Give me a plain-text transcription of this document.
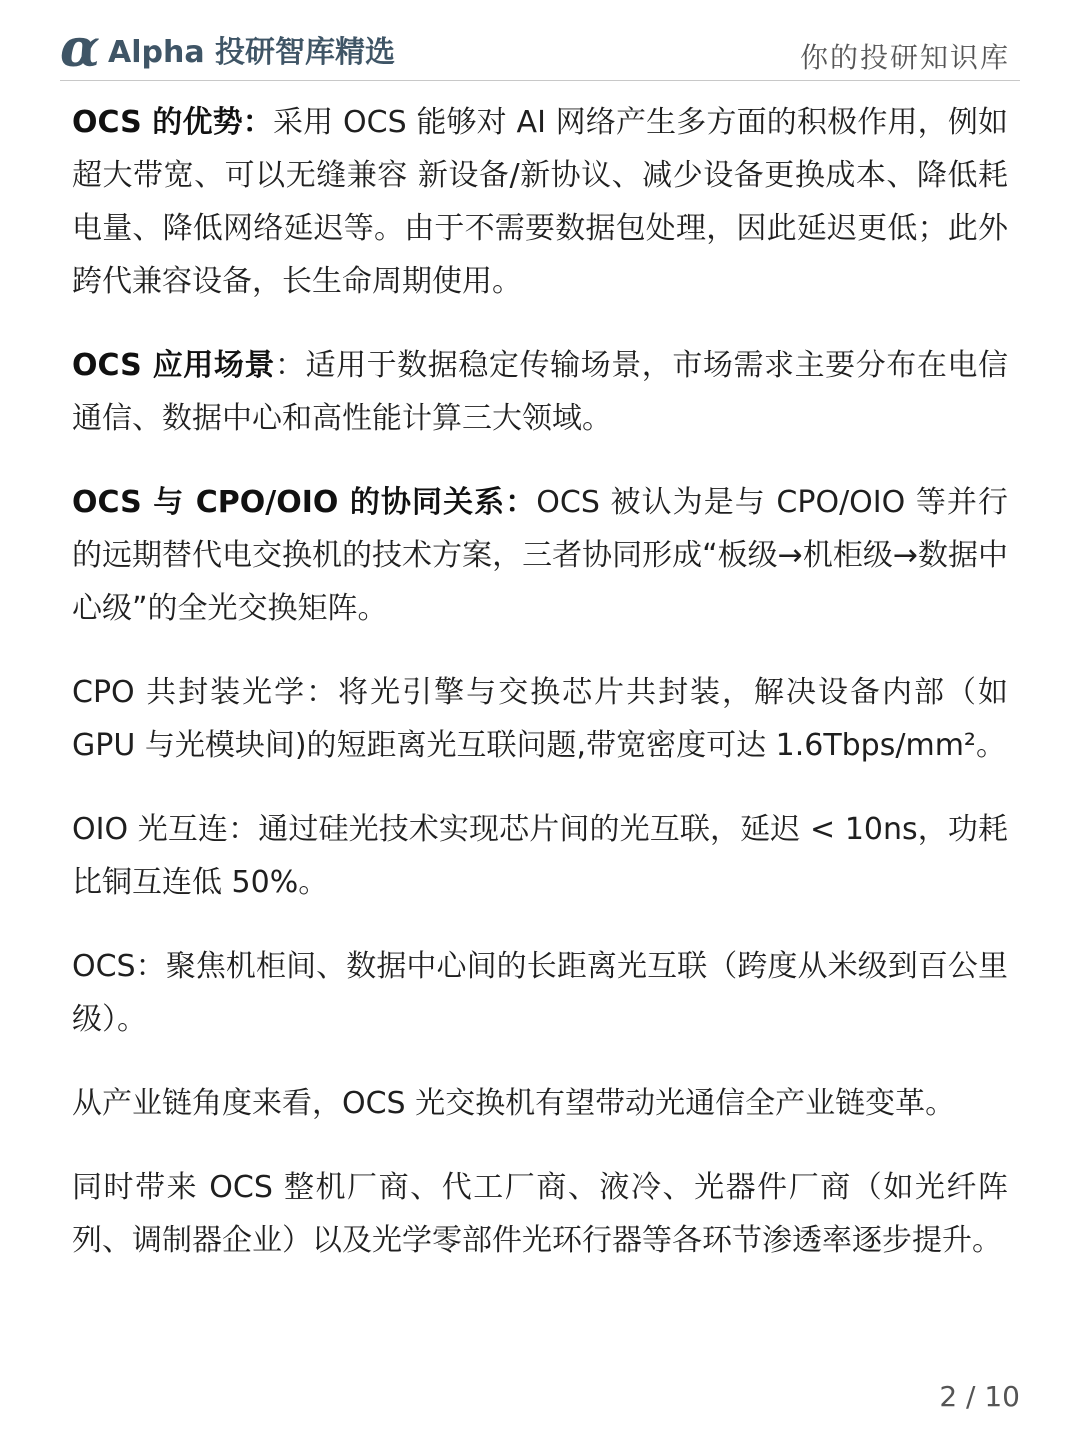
α Alpha 投研智库精选	你的投研知识库

OCS 的优势：采用 OCS 能够对 AI 网络产生多方面的积极作用，例如超大带宽、可以无缝兼容 新设备/新协议、减少设备更换成本、降低耗电量、降低网络延迟等。由于不需要数据包处理，因此延迟更低；此外跨代兼容设备，长生命周期使用。

OCS 应用场景：适用于数据稳定传输场景，市场需求主要分布在电信通信、数据中心和高性能计算三大领域。

OCS 与 CPO/OIO 的协同关系：OCS 被认为是与 CPO/OIO 等并行的远期替代电交换机的技术方案，三者协同形成“板级→机柜级→数据中心级”的全光交换矩阵。

CPO 共封装光学：将光引擎与交换芯片共封装，解决设备内部（如 GPU 与光模块间)的短距离光互联问题,带宽密度可达 1.6Tbps/mm²。

OIO 光互连：通过硅光技术实现芯片间的光互联，延迟 < 10ns，功耗比铜互连低 50%。

OCS：聚焦机柜间、数据中心间的长距离光互联（跨度从米级到百公里级）。

从产业链角度来看，OCS 光交换机有望带动光通信全产业链变革。

同时带来 OCS 整机厂商、代工厂商、液冷、光器件厂商（如光纤阵列、调制器企业）以及光学零部件光环行器等各环节渗透率逐步提升。

2 / 10
